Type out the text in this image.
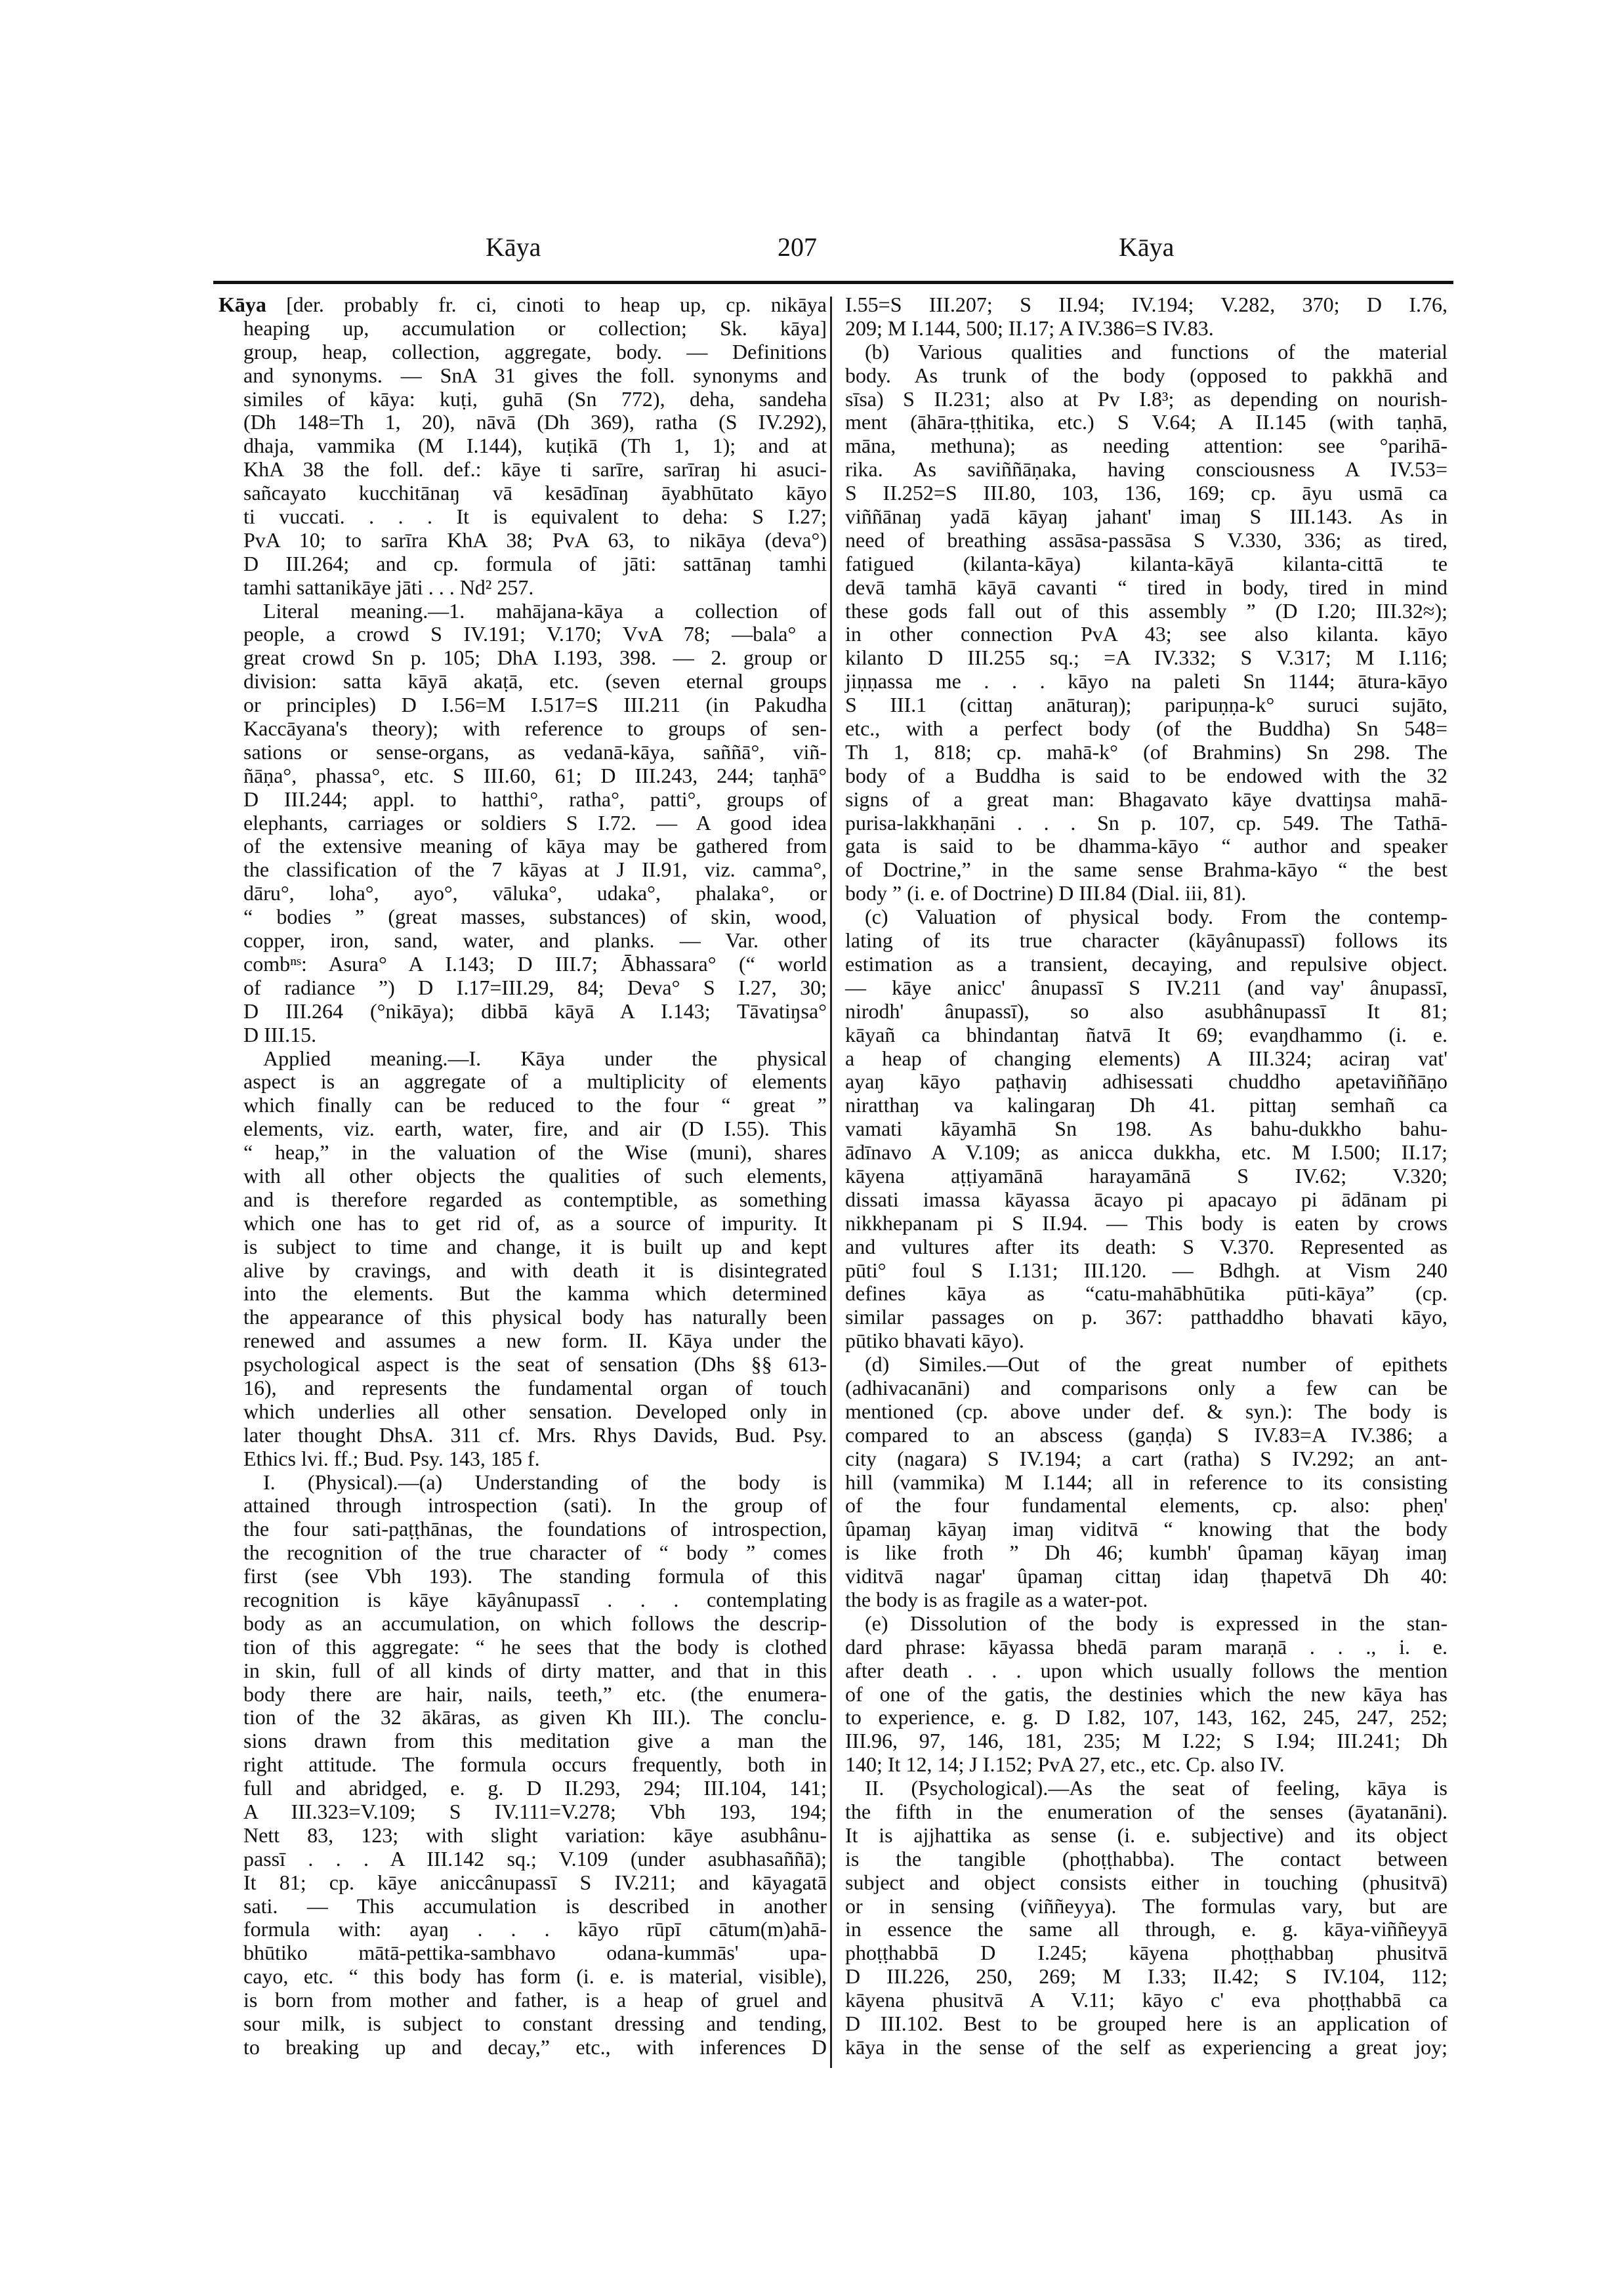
Kāya	207	Kāya
Kāya [der. probably fr. ci, cinoti to heap up, cp. nikāya
heaping up, accumulation or collection; Sk. kāya]
group, heap, collection, aggregate, body. — Definitions
and synonyms. — SnA 31 gives the foll. synonyms and
similes of kāya: kuṭi, guhā (Sn 772), deha, sandeha
(Dh 148=Th 1, 20), nāvā (Dh 369), ratha (S IV.292),
dhaja, vammika (M I.144), kuṭikā (Th 1, 1); and at
KhA 38 the foll. def.: kāye ti sarīre, sarīraŋ hi asuci-
sañcayato kucchitānaŋ vā kesādīnaŋ āyabhūtato kāyo
ti vuccati. . . . It is equivalent to deha: S I.27;
PvA 10; to sarīra KhA 38; PvA 63, to nikāya (deva°)
D III.264; and cp. formula of jāti: sattānaŋ tamhi
tamhi sattanikāye jāti . . . Nd² 257.
Literal meaning.—1. mahājana-kāya a collection of
people, a crowd S IV.191; V.170; VvA 78; —bala° a
great crowd Sn p. 105; DhA I.193, 398. — 2. group or
division: satta kāyā akaṭā, etc. (seven eternal groups
or principles) D I.56=M I.517=S III.211 (in Pakudha
Kaccāyana's theory); with reference to groups of sen-
sations or sense-organs, as vedanā-kāya, saññā°, viñ-
ñāṇa°, phassa°, etc. S III.60, 61; D III.243, 244; taṇhā°
D III.244; appl. to hatthi°, ratha°, patti°, groups of
elephants, carriages or soldiers S I.72. — A good idea
of the extensive meaning of kāya may be gathered from
the classification of the 7 kāyas at J II.91, viz. camma°,
dāru°, loha°, ayo°, vāluka°, udaka°, phalaka°, or
“ bodies ” (great masses, substances) of skin, wood,
copper, iron, sand, water, and planks. — Var. other
combⁿˢ: Asura° A I.143; D III.7; Ābhassara° (“ world
of radiance ”) D I.17=III.29, 84; Deva° S I.27, 30;
D III.264 (°nikāya); dibbā kāyā A I.143; Tāvatiŋsa°
D III.15.
Applied meaning.—I. Kāya under the physical
aspect is an aggregate of a multiplicity of elements
which finally can be reduced to the four “ great ”
elements, viz. earth, water, fire, and air (D I.55). This
“ heap,” in the valuation of the Wise (muni), shares
with all other objects the qualities of such elements,
and is therefore regarded as contemptible, as something
which one has to get rid of, as a source of impurity. It
is subject to time and change, it is built up and kept
alive by cravings, and with death it is disintegrated
into the elements. But the kamma which determined
the appearance of this physical body has naturally been
renewed and assumes a new form. II. Kāya under the
psychological aspect is the seat of sensation (Dhs §§ 613-
16), and represents the fundamental organ of touch
which underlies all other sensation. Developed only in
later thought DhsA. 311 cf. Mrs. Rhys Davids, Bud. Psy.
Ethics lvi. ff.; Bud. Psy. 143, 185 f.
I. (Physical).—(a) Understanding of the body is
attained through introspection (sati). In the group of
the four sati-paṭṭhānas, the foundations of introspection,
the recognition of the true character of “ body ” comes
first (see Vbh 193). The standing formula of this
recognition is kāye kāyânupassī . . . contemplating
body as an accumulation, on which follows the descrip-
tion of this aggregate: “ he sees that the body is clothed
in skin, full of all kinds of dirty matter, and that in this
body there are hair, nails, teeth,” etc. (the enumera-
tion of the 32 ākāras, as given Kh III.). The conclu-
sions drawn from this meditation give a man the
right attitude. The formula occurs frequently, both in
full and abridged, e. g. D II.293, 294; III.104, 141;
A III.323=V.109; S IV.111=V.278; Vbh 193, 194;
Nett 83, 123; with slight variation: kāye asubhânu-
passī . . . A III.142 sq.; V.109 (under asubhasaññā);
It 81; cp. kāye aniccânupassī S IV.211; and kāyagatā
sati. — This accumulation is described in another
formula with: ayaŋ . . . kāyo rūpī cātum(m)ahā-
bhūtiko mātā-pettika-sambhavo odana-kummās' upa-
cayo, etc. “ this body has form (i. e. is material, visible),
is born from mother and father, is a heap of gruel and
sour milk, is subject to constant dressing and tending,
to breaking up and decay,” etc., with inferences D
I.55=S III.207; S II.94; IV.194; V.282, 370; D I.76,
209; M I.144, 500; II.17; A IV.386=S IV.83.
(b) Various qualities and functions of the material
body. As trunk of the body (opposed to pakkhā and
sīsa) S II.231; also at Pv I.8³; as depending on nourish-
ment (āhāra-ṭṭhitika, etc.) S V.64; A II.145 (with taṇhā,
māna, methuna); as needing attention: see °parihā-
rika. As saviññāṇaka, having consciousness A IV.53=
S II.252=S III.80, 103, 136, 169; cp. āyu usmā ca
viññānaŋ yadā kāyaŋ jahant' imaŋ S III.143. As in
need of breathing assāsa-passāsa S V.330, 336; as tired,
fatigued (kilanta-kāya) kilanta-kāyā kilanta-cittā te
devā tamhā kāyā cavanti “ tired in body, tired in mind
these gods fall out of this assembly ” (D I.20; III.32≈);
in other connection PvA 43; see also kilanta. kāyo
kilanto D III.255 sq.; =A IV.332; S V.317; M I.116;
jiṇṇassa me . . . kāyo na paleti Sn 1144; ātura-kāyo
S III.1 (cittaŋ anāturaŋ); paripuṇṇa-k° suruci sujāto,
etc., with a perfect body (of the Buddha) Sn 548=
Th 1, 818; cp. mahā-k° (of Brahmins) Sn 298. The
body of a Buddha is said to be endowed with the 32
signs of a great man: Bhagavato kāye dvattiŋsa mahā-
purisa-lakkhaṇāni . . . Sn p. 107, cp. 549. The Tathā-
gata is said to be dhamma-kāyo “ author and speaker
of Doctrine,” in the same sense Brahma-kāyo “ the best
body ” (i. e. of Doctrine) D III.84 (Dial. iii, 81).
(c) Valuation of physical body. From the contemp-
lating of its true character (kāyânupassī) follows its
estimation as a transient, decaying, and repulsive object.
— kāye anicc' ânupassī S IV.211 (and vay' ânupassī,
nirodh' ânupassī), so also asubhânupassī It 81;
kāyañ ca bhindantaŋ ñatvā It 69; evaŋdhammo (i. e.
a heap of changing elements) A III.324; aciraŋ vat'
ayaŋ kāyo paṭhaviŋ adhisessati chuddho apetaviññāṇo
niratthaŋ va kalingaraŋ Dh 41. pittaŋ semhañ ca
vamati kāyamhā Sn 198. As bahu-dukkho bahu-
ādīnavo A V.109; as anicca dukkha, etc. M I.500; II.17;
kāyena aṭṭiyamānā harayamānā S IV.62; V.320;
dissati imassa kāyassa ācayo pi apacayo pi ādānam pi
nikkhepanam pi S II.94. — This body is eaten by crows
and vultures after its death: S V.370. Represented as
pūti° foul S I.131; III.120. — Bdhgh. at Vism 240
defines kāya as “catu-mahābhūtika pūti-kāya” (cp.
similar passages on p. 367: patthaddho bhavati kāyo,
pūtiko bhavati kāyo).
(d) Similes.—Out of the great number of epithets
(adhivacanāni) and comparisons only a few can be
mentioned (cp. above under def. & syn.): The body is
compared to an abscess (gaṇḍa) S IV.83=A IV.386; a
city (nagara) S IV.194; a cart (ratha) S IV.292; an ant-
hill (vammika) M I.144; all in reference to its consisting
of the four fundamental elements, cp. also: pheṇ'
ûpamaŋ kāyaŋ imaŋ viditvā “ knowing that the body
is like froth ” Dh 46; kumbh' ûpamaŋ kāyaŋ imaŋ
viditvā nagar' ûpamaŋ cittaŋ idaŋ ṭhapetvā Dh 40:
the body is as fragile as a water-pot.
(e) Dissolution of the body is expressed in the stan-
dard phrase: kāyassa bhedā param maraṇā . . ., i. e.
after death . . . upon which usually follows the mention
of one of the gatis, the destinies which the new kāya has
to experience, e. g. D I.82, 107, 143, 162, 245, 247, 252;
III.96, 97, 146, 181, 235; M I.22; S I.94; III.241; Dh
140; It 12, 14; J I.152; PvA 27, etc., etc. Cp. also IV.
II. (Psychological).—As the seat of feeling, kāya is
the fifth in the enumeration of the senses (āyatanāni).
It is ajjhattika as sense (i. e. subjective) and its object
is the tangible (phoṭṭhabba). The contact between
subject and object consists either in touching (phusitvā)
or in sensing (viññeyya). The formulas vary, but are
in essence the same all through, e. g. kāya-viññeyyā
phoṭṭhabbā D I.245; kāyena phoṭṭhabbaŋ phusitvā
D III.226, 250, 269; M I.33; II.42; S IV.104, 112;
kāyena phusitvā A V.11; kāyo c' eva phoṭṭhabbā ca
D III.102. Best to be grouped here is an application of
kāya in the sense of the self as experiencing a great joy;
